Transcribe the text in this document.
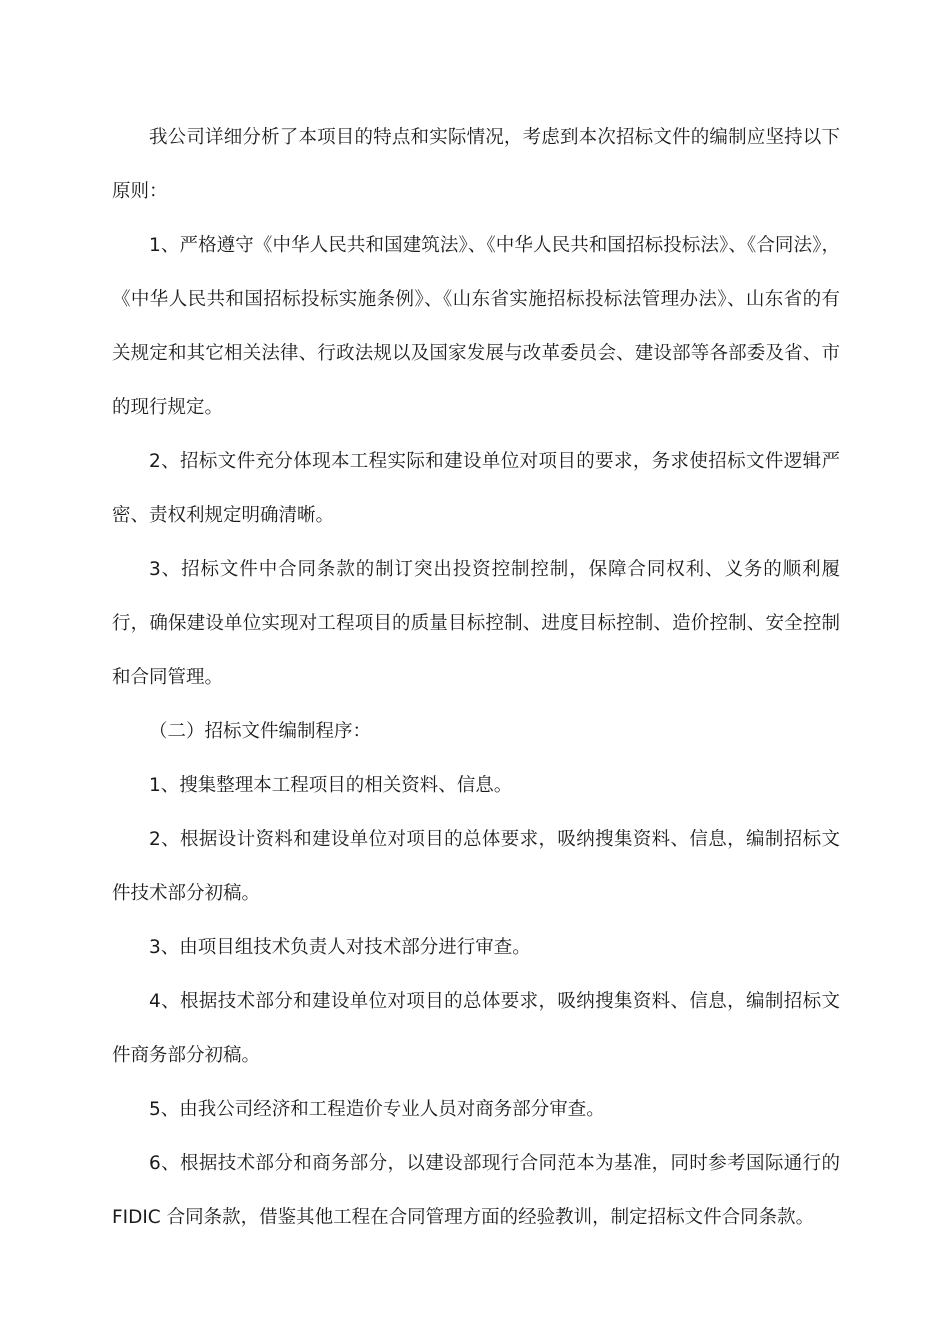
我公司详细分析了本项目的特点和实际情况，考虑到本次招标文件的编制应坚持以下原则：

1、严格遵守《中华人民共和国建筑法》、《中华人民共和国招标投标法》、《合同法》，《中华人民共和国招标投标实施条例》、《山东省实施招标投标法管理办法》、山东省的有关规定和其它相关法律、行政法规以及国家发展与改革委员会、建设部等各部委及省、市的现行规定。

2、招标文件充分体现本工程实际和建设单位对项目的要求，务求使招标文件逻辑严密、责权利规定明确清晰。

3、招标文件中合同条款的制订突出投资控制控制，保障合同权利、义务的顺利履行，确保建设单位实现对工程项目的质量目标控制、进度目标控制、造价控制、安全控制和合同管理。

（二）招标文件编制程序：

1、搜集整理本工程项目的相关资料、信息。

2、根据设计资料和建设单位对项目的总体要求，吸纳搜集资料、信息，编制招标文件技术部分初稿。

3、由项目组技术负责人对技术部分进行审查。

4、根据技术部分和建设单位对项目的总体要求，吸纳搜集资料、信息，编制招标文件商务部分初稿。

5、由我公司经济和工程造价专业人员对商务部分审查。

6、根据技术部分和商务部分，以建设部现行合同范本为基准，同时参考国际通行的 FIDIC 合同条款，借鉴其他工程在合同管理方面的经验教训，制定招标文件合同条款。
